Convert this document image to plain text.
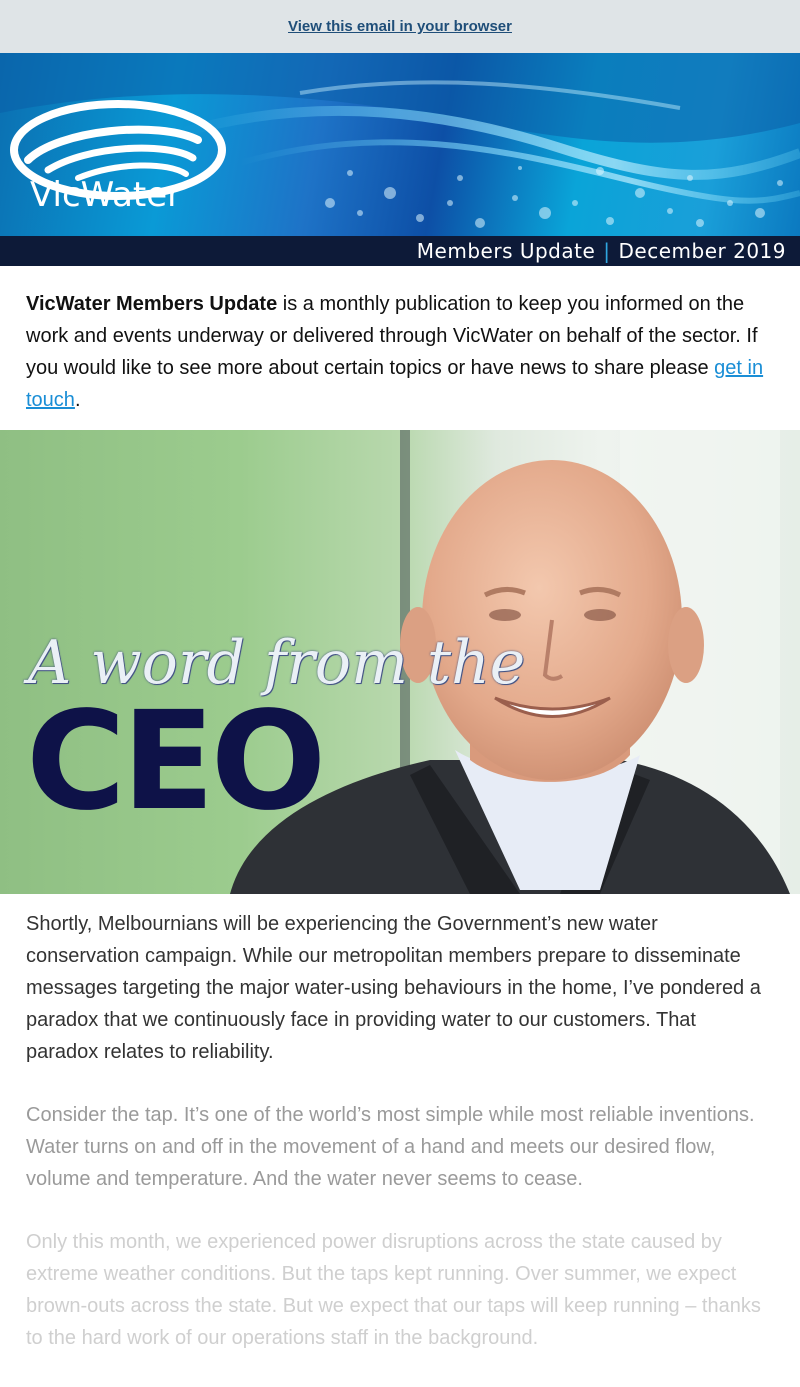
View this email in your browser
VicWater
Members Update | December 2019
VicWater Members Update is a monthly publication to keep you informed on the work and events underway or delivered through VicWater on behalf of the sector. If you would like to see more about certain topics or have news to share please get in touch.
A word from the
CEO

Shortly, Melbournians will be experiencing the Government’s new water conservation campaign. While our metropolitan members prepare to disseminate messages targeting the major water-using behaviours in the home, I’ve pondered a paradox that we continuously face in providing water to our customers. That paradox relates to reliability.

Consider the tap. It’s one of the world’s most simple while most reliable inventions. Water turns on and off in the movement of a hand and meets our desired flow, volume and temperature. And the water never seems to cease.

Only this month, we experienced power disruptions across the state caused by extreme weather conditions. But the taps kept running. Over summer, we expect brown-outs across the state. But we expect that our taps will keep running – thanks to the hard work of our operations staff in the background.
